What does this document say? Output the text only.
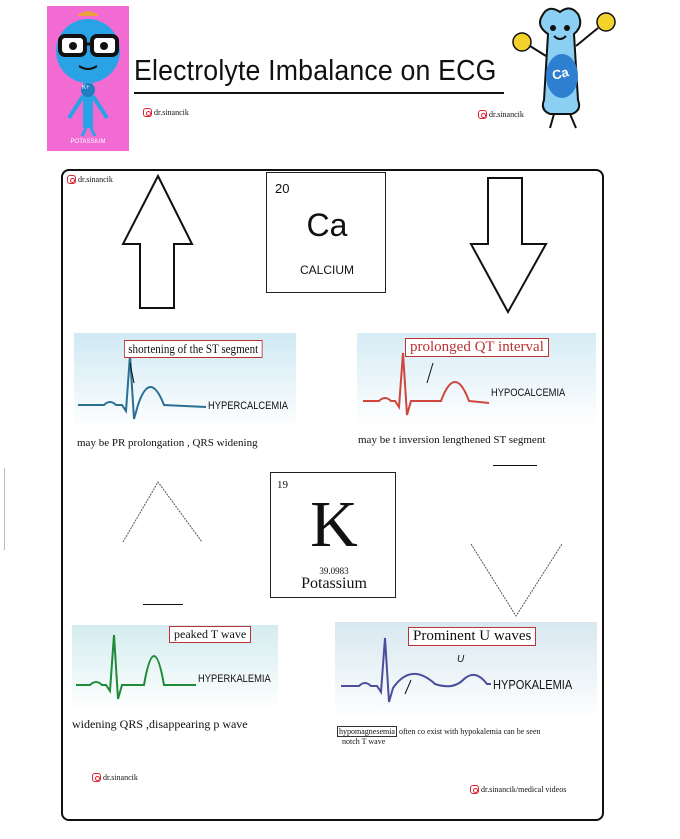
K+
POTASSIUM
Electrolyte Imbalance on ECG
dr.sinancik	dr.sinancik
Ca
dr.sinancik
20
Ca
CALCIUM
HYPERCALCEMIA
shortening of the ST segment
may be PR prolongation , QRS widening
HYPOCALCEMIA
prolonged QT interval
may be t inversion lengthened ST segment
19
K
39.0983
Potassium
HYPERKALEMIA
peaked T wave
widening QRS ,disappearing p wave
U
HYPOKALEMIA
Prominent U waves
hypomagnesemia often co exist with hypokalemia can be seen
notch T wave
dr.sinancik
dr.sinancik/medical videos
